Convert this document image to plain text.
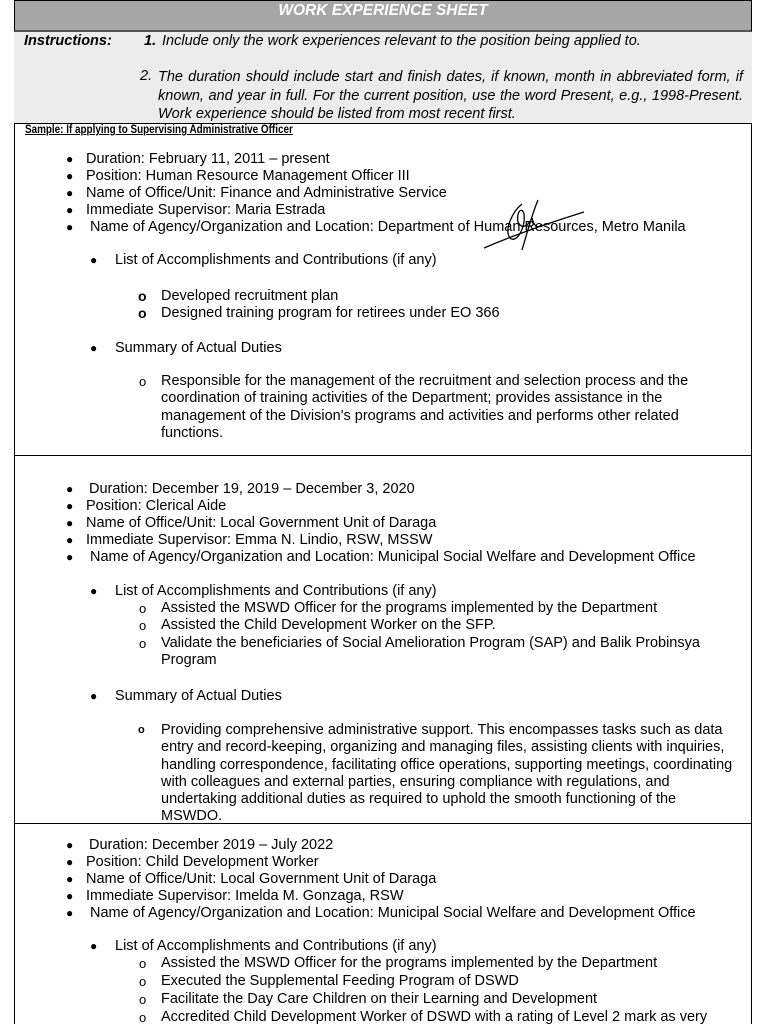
WORK EXPERIENCE SHEET
Instructions: 1. Include only the work experiences relevant to the position being applied to.
2. The duration should include start and finish dates, if known, month in abbreviated form, if known, and year in full. For the current position, use the word Present, e.g., 1998-Present. Work experience should be listed from most recent first.
Sample: If applying to Supervising Administrative Officer
● Duration: February 11, 2011 – present
● Position: Human Resource Management Officer III
● Name of Office/Unit: Finance and Administrative Service
● Immediate Supervisor: Maria Estrada
● Name of Agency/Organization and Location: Department of Human Resources, Metro Manila
● List of Accomplishments and Contributions (if any)
o Developed recruitment plan
o Designed training program for retirees under EO 366
● Summary of Actual Duties
o Responsible for the management of the recruitment and selection process and the coordination of training activities of the Department; provides assistance in the management of the Division's programs and activities and performs other related functions.
● Duration: December 19, 2019 – December 3, 2020
● Position: Clerical Aide
● Name of Office/Unit: Local Government Unit of Daraga
● Immediate Supervisor: Emma N. Lindio, RSW, MSSW
● Name of Agency/Organization and Location: Municipal Social Welfare and Development Office
● List of Accomplishments and Contributions (if any)
o Assisted the MSWD Officer for the programs implemented by the Department
o Assisted the Child Development Worker on the SFP.
o Validate the beneficiaries of Social Amelioration Program (SAP) and Balik Probinsya Program
● Summary of Actual Duties
o Providing comprehensive administrative support. This encompasses tasks such as data entry and record-keeping, organizing and managing files, assisting clients with inquiries, handling correspondence, facilitating office operations, supporting meetings, coordinating with colleagues and external parties, ensuring compliance with regulations, and undertaking additional duties as required to uphold the smooth functioning of the MSWDO.
● Duration: December 2019 – July 2022
● Position: Child Development Worker
● Name of Office/Unit: Local Government Unit of Daraga
● Immediate Supervisor: Imelda M. Gonzaga, RSW
● Name of Agency/Organization and Location: Municipal Social Welfare and Development Office
● List of Accomplishments and Contributions (if any)
o Assisted the MSWD Officer for the programs implemented by the Department
o Executed the Supplemental Feeding Program of DSWD
o Facilitate the Day Care Children on their Learning and Development
o Accredited Child Development Worker of DSWD with a rating of Level 2 mark as very
